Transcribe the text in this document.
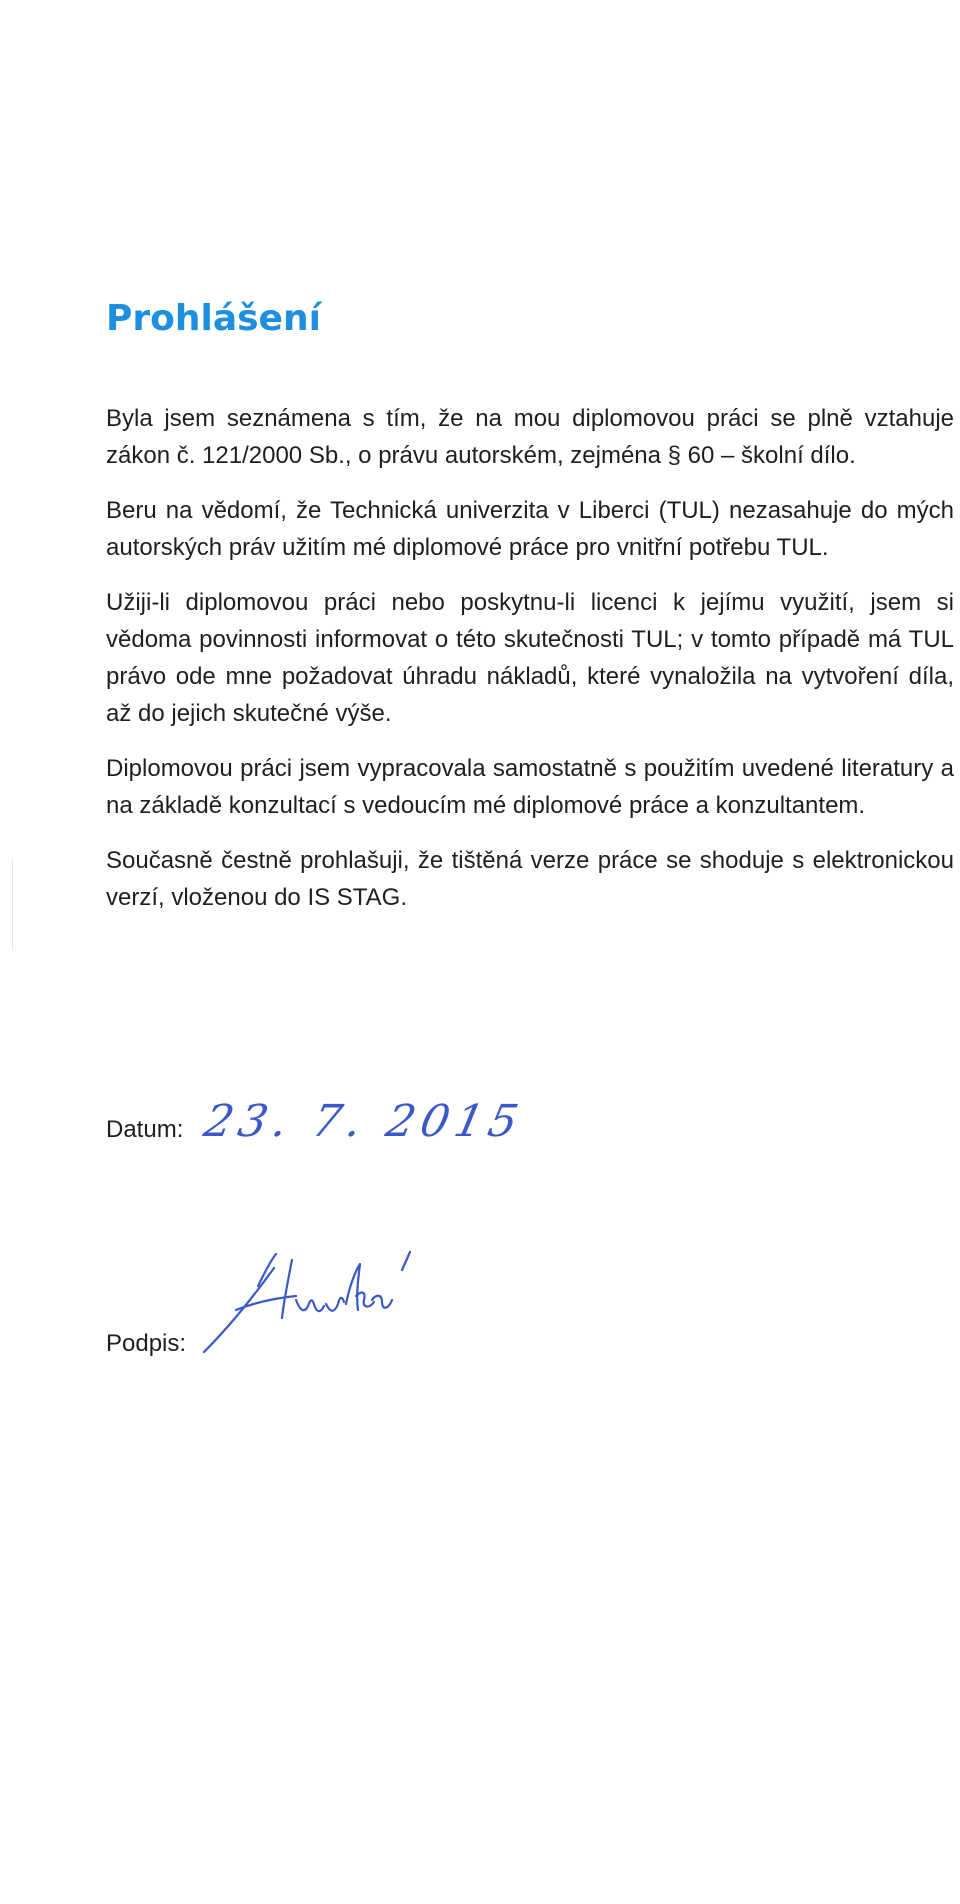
Prohlášení

Byla jsem seznámena s tím, že na mou diplomovou práci se plně vztahuje zákon č. 121/2000 Sb., o právu autorském, zejména § 60 – školní dílo.

Beru na vědomí, že Technická univerzita v Liberci (TUL) nezasahuje do mých autorských práv užitím mé diplomové práce pro vnitřní potřebu TUL.

Užiji-li diplomovou práci nebo poskytnu-li licenci k jejímu využití, jsem si vědoma povinnosti informovat o této skutečnosti TUL; v tomto případě má TUL právo ode mne požadovat úhradu nákladů, které vynaložila na vytvoření díla, až do jejich skutečné výše.

Diplomovou práci jsem vypracovala samostatně s použitím uvedené literatury a na základě konzultací s vedoucím mé diplomové práce a konzultantem.

Současně čestně prohlašuji, že tištěná verze práce se shoduje s elektronickou verzí, vloženou do IS STAG.

Datum: 23. 7. 2015
Podpis:
